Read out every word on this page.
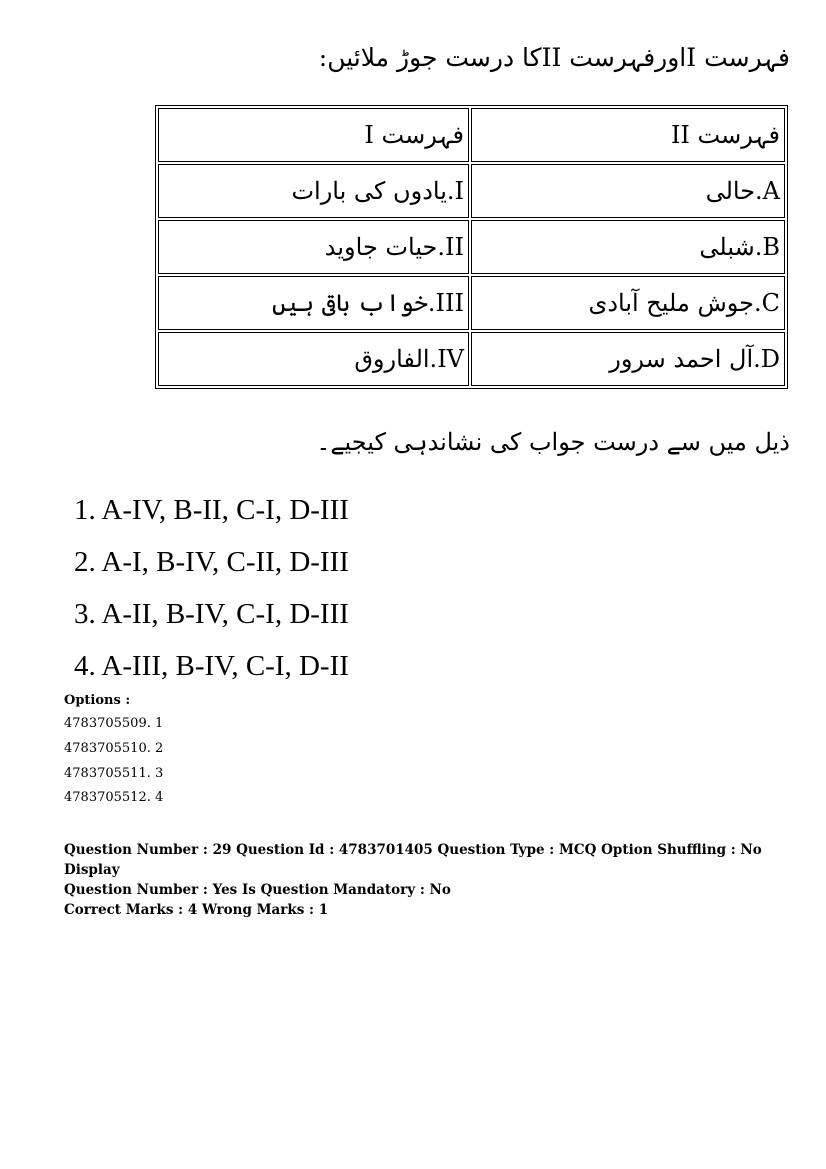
فہرست Iاورفہرست IIکا درست جوڑ ملائیں:
فہرست I	فہرست II
I.یادوں کی بارات	A.حالی
II.حیات جاوید	B.شبلی
III.خواب باقی ہیں	C.جوش ملیح آبادی
IV.الفاروق	D.آل احمد سرور
ذیل میں سے درست جواب کی نشاندہی کیجیے۔
1. A-IV, B-II, C-I, D-III
2. A-I, B-IV, C-II, D-III
3. A-II, B-IV, C-I, D-III
4. A-III, B-IV, C-I, D-II
Options :
4783705509. 1
4783705510. 2
4783705511. 3
4783705512. 4
Question Number : 29 Question Id : 4783701405 Question Type : MCQ Option Shuffling : No Display
Question Number : Yes Is Question Mandatory : No
Correct Marks : 4 Wrong Marks : 1
